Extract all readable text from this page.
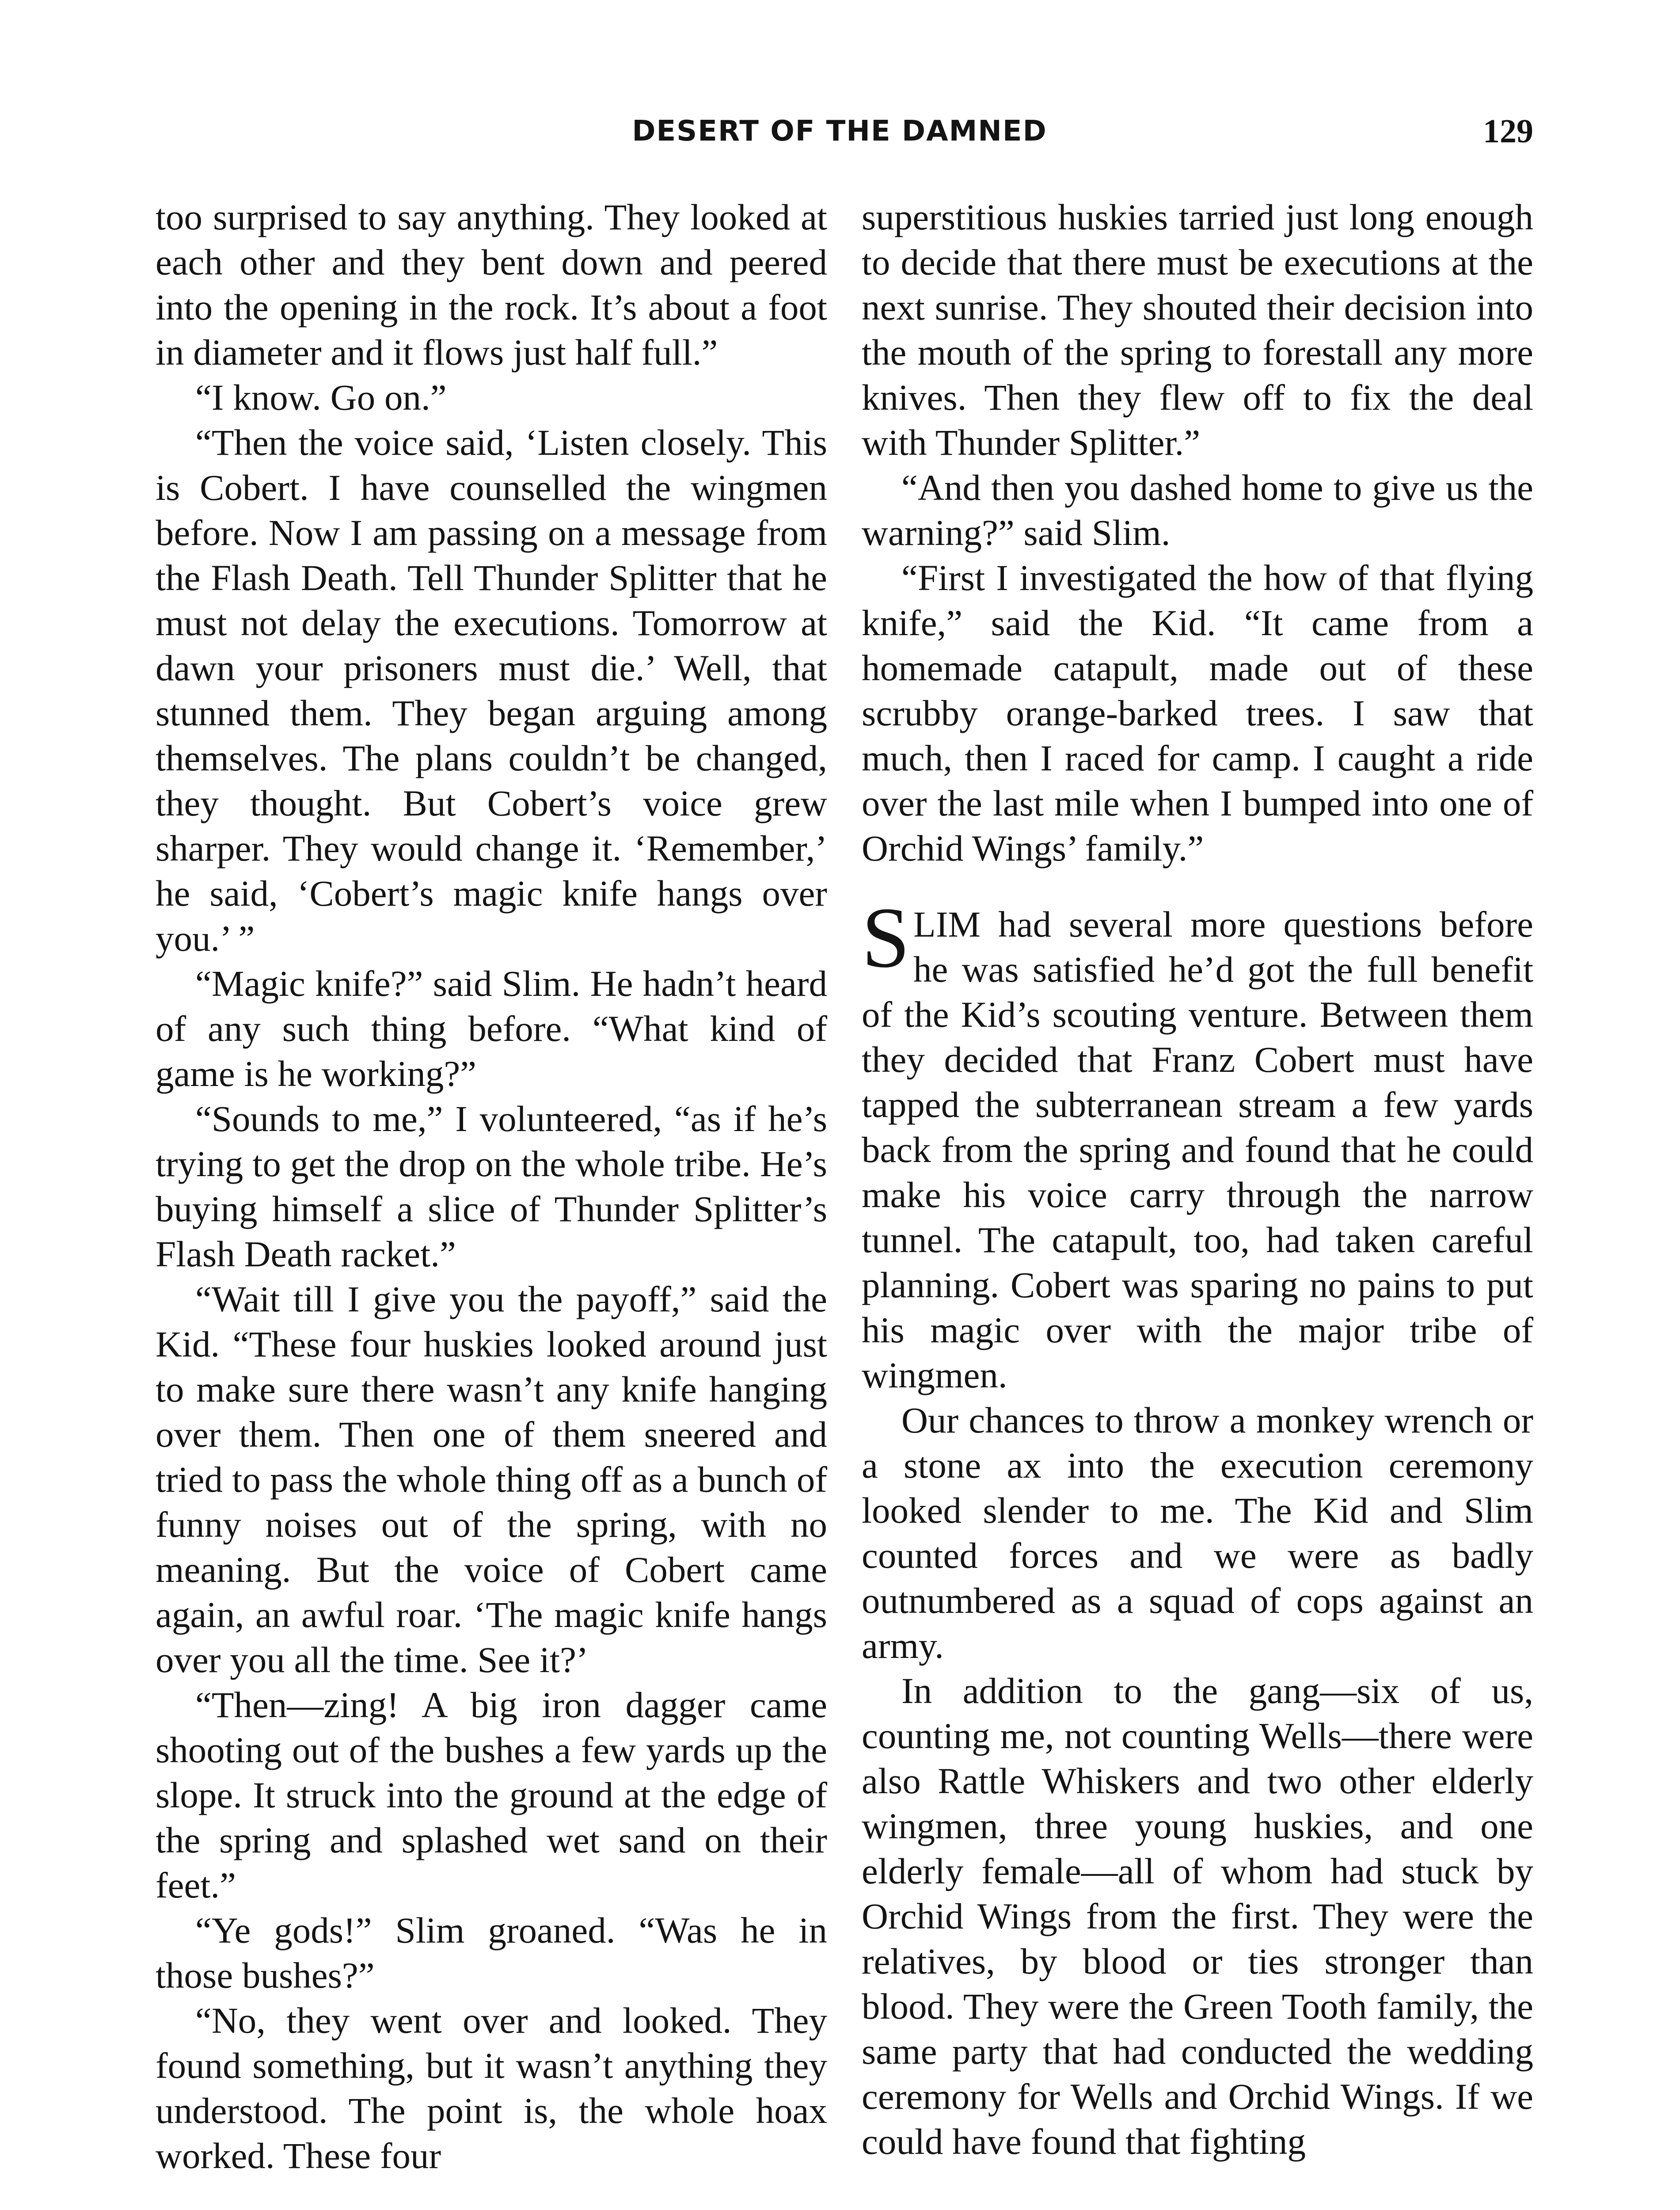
DESERT OF THE DAMNED	129

too surprised to say anything. They looked at each other and they bent down and peered into the opening in the rock. It’s about a foot in diameter and it flows just half full.”

“I know. Go on.”

“Then the voice said, ‘Listen closely. This is Cobert. I have counselled the wingmen before. Now I am passing on a message from the Flash Death. Tell Thunder Splitter that he must not delay the executions. Tomorrow at dawn your prisoners must die.’ Well, that stunned them. They began arguing among themselves. The plans couldn’t be changed, they thought. But Cobert’s voice grew sharper. They would change it. ‘Remember,’ he said, ‘Cobert’s magic knife hangs over you.’ ”

“Magic knife?” said Slim. He hadn’t heard of any such thing before. “What kind of game is he working?”

“Sounds to me,” I volunteered, “as if he’s trying to get the drop on the whole tribe. He’s buying himself a slice of Thunder Splitter’s Flash Death racket.”

“Wait till I give you the payoff,” said the Kid. “These four huskies looked around just to make sure there wasn’t any knife hanging over them. Then one of them sneered and tried to pass the whole thing off as a bunch of funny noises out of the spring, with no meaning. But the voice of Cobert came again, an awful roar. ‘The magic knife hangs over you all the time. See it?’

“Then—zing! A big iron dagger came shooting out of the bushes a few yards up the slope. It struck into the ground at the edge of the spring and splashed wet sand on their feet.”

“Ye gods!” Slim groaned. “Was he in those bushes?”

“No, they went over and looked. They found something, but it wasn’t anything they understood. The point is, the whole hoax worked. These four

superstitious huskies tarried just long enough to decide that there must be executions at the next sunrise. They shouted their decision into the mouth of the spring to forestall any more knives. Then they flew off to fix the deal with Thunder Splitter.”

“And then you dashed home to give us the warning?” said Slim.

“First I investigated the how of that flying knife,” said the Kid. “It came from a homemade catapult, made out of these scrubby orange-barked trees. I saw that much, then I raced for camp. I caught a ride over the last mile when I bumped into one of Orchid Wings’ family.”

SLIM had several more questions before he was satisfied he’d got the full benefit of the Kid’s scouting venture. Between them they decided that Franz Cobert must have tapped the subterranean stream a few yards back from the spring and found that he could make his voice carry through the narrow tunnel. The catapult, too, had taken careful planning. Cobert was sparing no pains to put his magic over with the major tribe of wingmen.

Our chances to throw a monkey wrench or a stone ax into the execution ceremony looked slender to me. The Kid and Slim counted forces and we were as badly outnumbered as a squad of cops against an army.

In addition to the gang—six of us, counting me, not counting Wells—there were also Rattle Whiskers and two other elderly wingmen, three young huskies, and one elderly female—all of whom had stuck by Orchid Wings from the first. They were the relatives, by blood or ties stronger than blood. They were the Green Tooth family, the same party that had conducted the wedding ceremony for Wells and Orchid Wings. If we could have found that fighting
